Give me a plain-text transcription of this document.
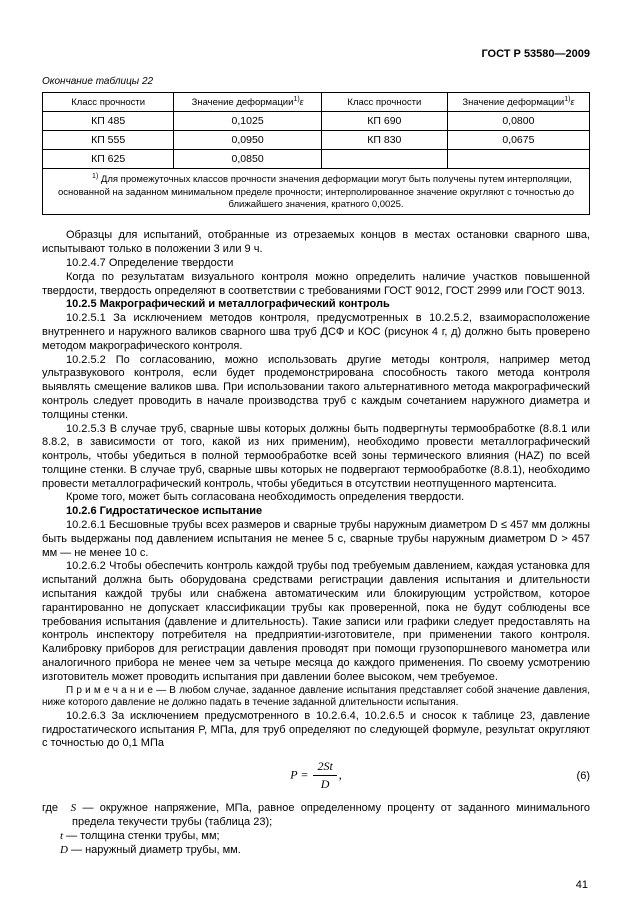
ГОСТ Р 53580—2009
Окончание таблицы 22
Класс прочности	Значение деформации$^{1)}$ε	Класс прочности	Значение деформации$^{1)}$ε
КП 485	0,1025	КП 690	0,0800
КП 555	0,0950	КП 830	0,0675
КП 625	0,0850		
$^{1)}$ Для промежуточных классов прочности значения деформации могут быть получены путем интерполяции, основанной на заданном минимальном пределе прочности; интерполированное значение округляют с точностью до ближайшего значения, кратного 0,0025.			

Образцы для испытаний, отобранные из отрезаемых концов в местах остановки сварного шва, испытывают только в положении 3 или 9 ч.

10.2.4.7 Определение твердости

Когда по результатам визуального контроля можно определить наличие участков повышенной твердости, твердость определяют в соответствии с требованиями ГОСТ 9012, ГОСТ 2999 или ГОСТ 9013.

10.2.5 Макрографический и металлографический контроль

10.2.5.1 За исключением методов контроля, предусмотренных в 10.2.5.2, взаиморасположение внутреннего и наружного валиков сварного шва труб ДСФ и КОС (рисунок 4 г, д) должно быть проверено методом макрографического контроля.

10.2.5.2 По согласованию, можно использовать другие методы контроля, например метод ультразвукового контроля, если будет продемонстрирована способность такого метода контроля выявлять смещение валиков шва. При использовании такого альтернативного метода макрографический контроль следует проводить в начале производства труб с каждым сочетанием наружного диаметра и толщины стенки.

10.2.5.3 В случае труб, сварные швы которых должны быть подвергнуты термообработке (8.8.1 или 8.8.2, в зависимости от того, какой из них применим), необходимо провести металлографический контроль, чтобы убедиться в полной термообработке всей зоны термического влияния (HAZ) по всей толщине стенки. В случае труб, сварные швы которых не подвергают термообработке (8.8.1), необходимо провести металлографический контроль, чтобы убедиться в отсутствии неотпущенного мартенсита.

Кроме того, может быть согласована необходимость определения твердости.

10.2.6 Гидростатическое испытание

10.2.6.1 Бесшовные трубы всех размеров и сварные трубы наружным диаметром D ≤ 457 мм должны быть выдержаны под давлением испытания не менее 5 с, сварные трубы наружным диаметром D > 457 мм — не менее 10 с.

10.2.6.2 Чтобы обеспечить контроль каждой трубы под требуемым давлением, каждая установка для испытаний должна быть оборудована средствами регистрации давления испытания и длительности испытания каждой трубы или снабжена автоматическим или блокирующим устройством, которое гарантированно не допускает классификации трубы как проверенной, пока не будут соблюдены все требования испытания (давление и длительность). Такие записи или графики следует предоставлять на контроль инспектору потребителя на предприятии-изготовителе, при применении такого контроля. Калибровку приборов для регистрации давления проводят при помощи грузопоршневого манометра или аналогичного прибора не менее чем за четыре месяца до каждого применения. По своему усмотрению изготовитель может проводить испытания при давлении более высоком, чем требуемое.

П р и м е ч а н и е — В любом случае, заданное давление испытания представляет собой значение давления, ниже которого давление не должно падать в течение заданной длительности испытания.

10.2.6.3 За исключением предусмотренного в 10.2.6.4, 10.2.6.5 и сносок к таблице 23, давление гидростатического испытания P, МПа, для труб определяют по следующей формуле, результат округляют с точностью до 0,1 МПа

$P = \frac{2St}{D}$ ,	(6)
где S — окружное напряжение, МПа, равное определенному проценту от заданного минимального предела текучести трубы (таблица 23);
t — толщина стенки трубы, мм;
D — наружный диаметр трубы, мм.
41
